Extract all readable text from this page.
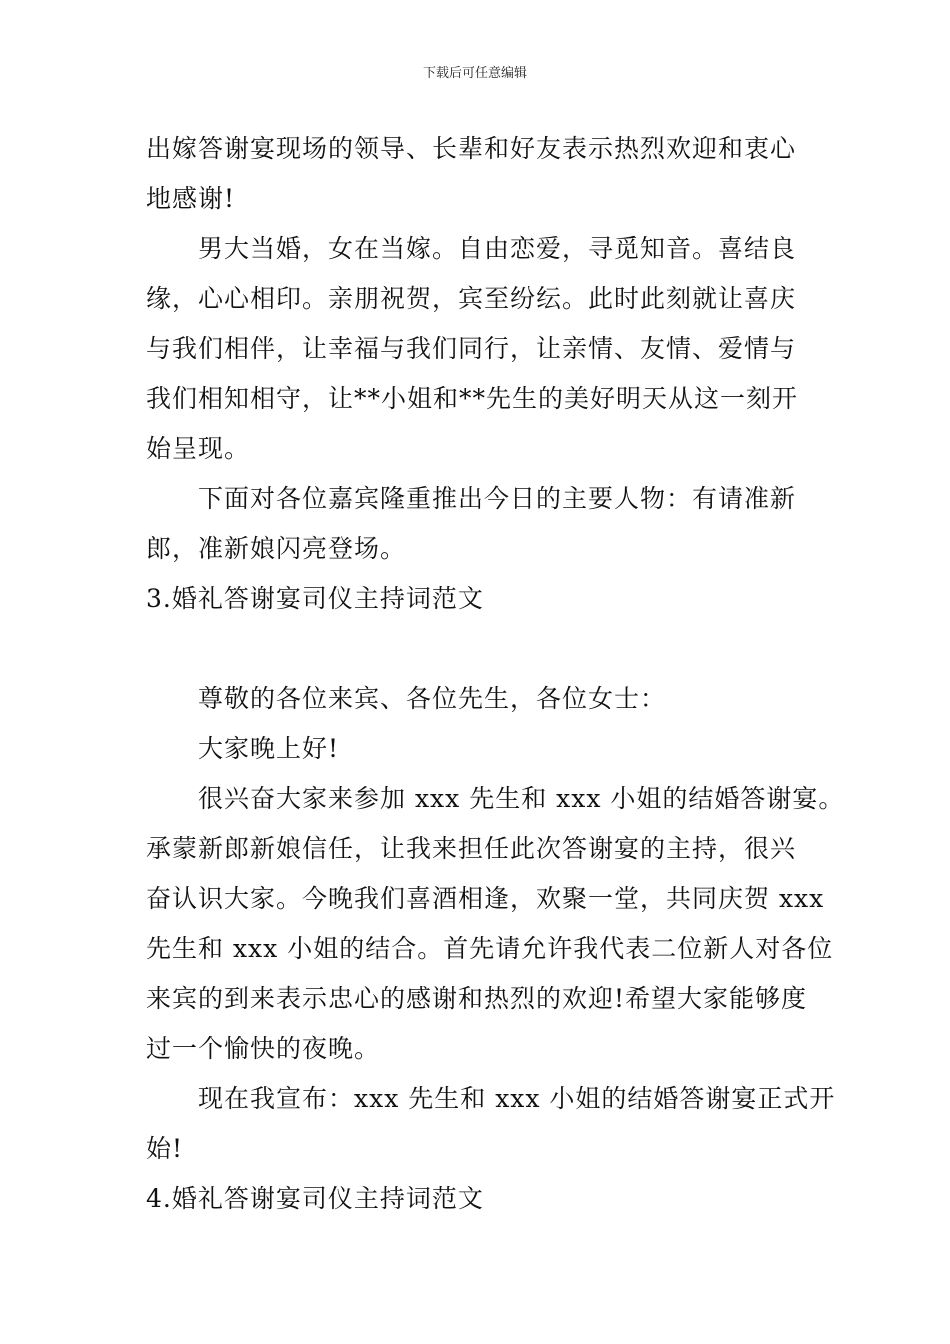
下载后可任意编辑
出嫁答谢宴现场的领导、长辈和好友表示热烈欢迎和衷心
地感谢!
男大当婚，女在当嫁。自由恋爱，寻觅知音。喜结良
缘，心心相印。亲朋祝贺，宾至纷纭。此时此刻就让喜庆
与我们相伴，让幸福与我们同行，让亲情、友情、爱情与
我们相知相守，让**小姐和**先生的美好明天从这一刻开
始呈现。
下面对各位嘉宾隆重推出今日的主要人物：有请准新
郎，准新娘闪亮登场。
3.婚礼答谢宴司仪主持词范文
尊敬的各位来宾、各位先生，各位女士：
大家晚上好!
很兴奋大家来参加 xxx 先生和 xxx 小姐的结婚答谢宴。
承蒙新郎新娘信任，让我来担任此次答谢宴的主持，很兴
奋认识大家。今晚我们喜酒相逢，欢聚一堂，共同庆贺 xxx
先生和 xxx 小姐的结合。首先请允许我代表二位新人对各位
来宾的到来表示忠心的感谢和热烈的欢迎!希望大家能够度
过一个愉快的夜晚。
现在我宣布：xxx 先生和 xxx 小姐的结婚答谢宴正式开
始!
4.婚礼答谢宴司仪主持词范文
